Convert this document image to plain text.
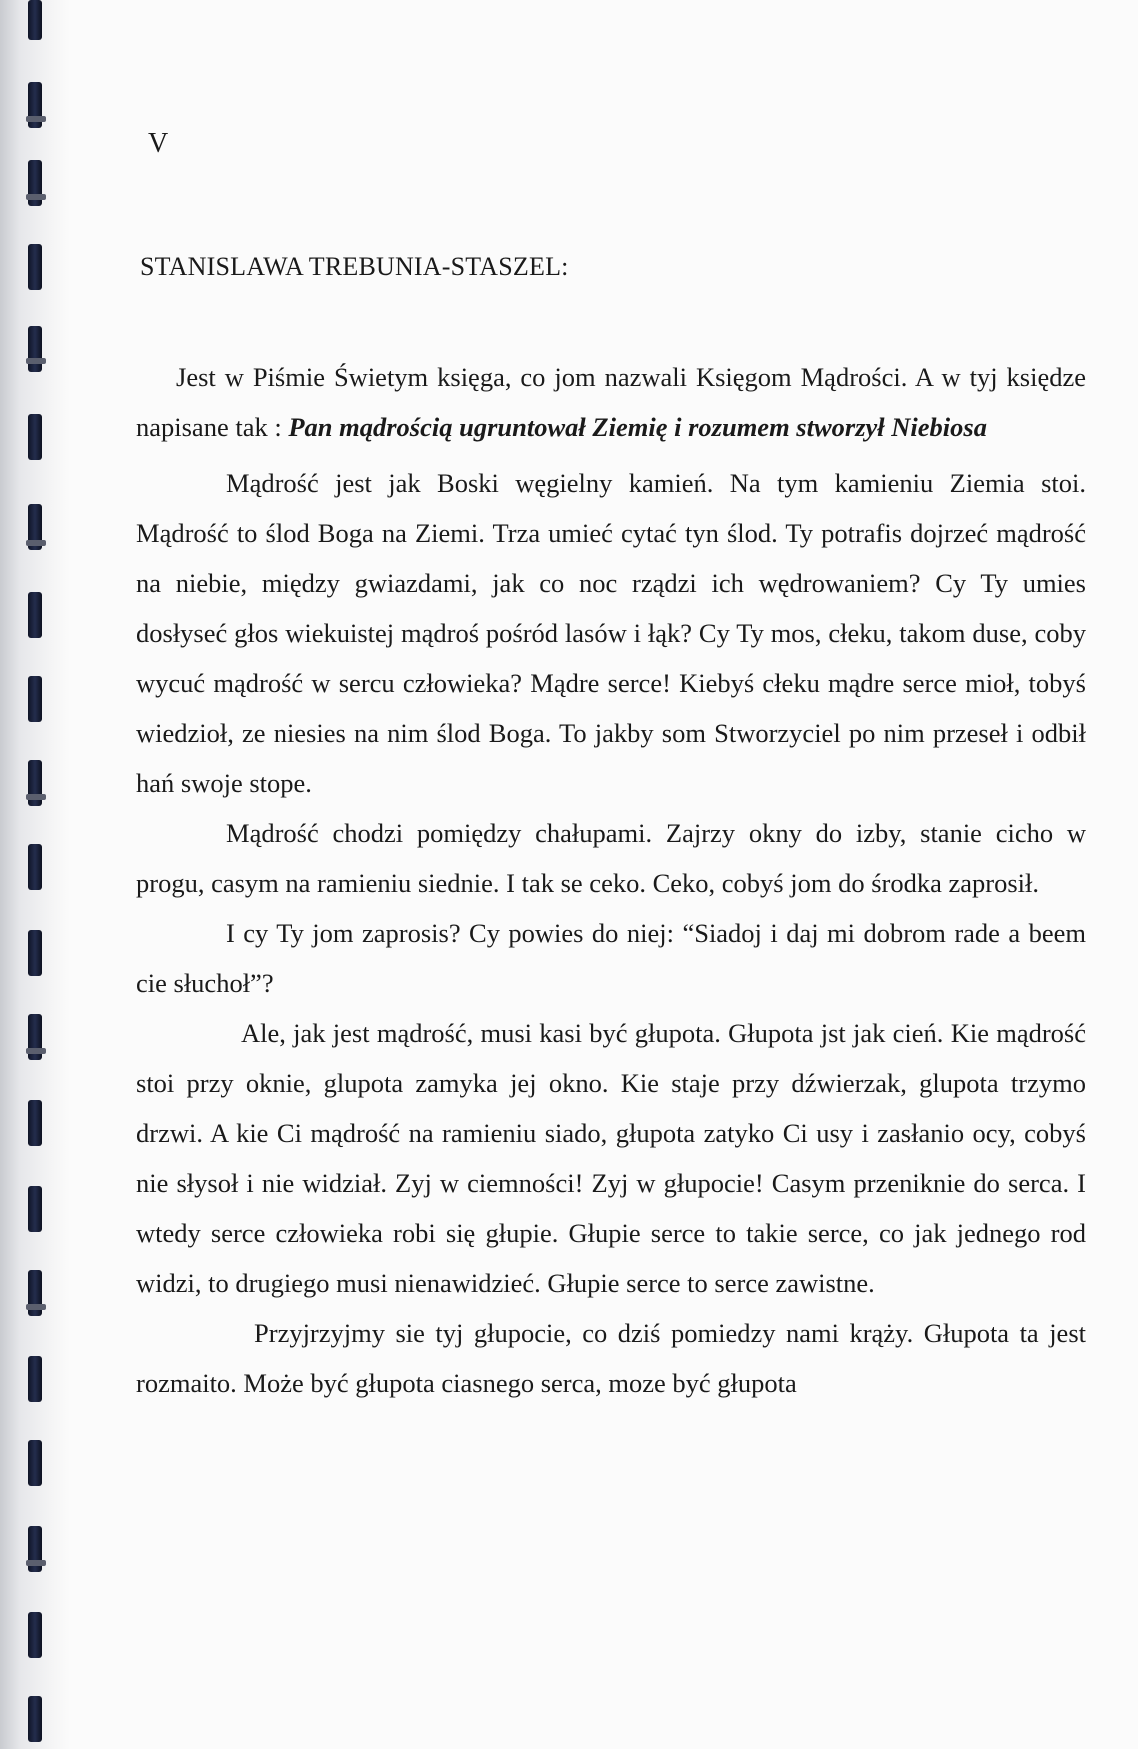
V
STANISLAWA TREBUNIA-STASZEL:

Jest w Piśmie Świetym księga, co jom nazwali Księgom Mądrości. A w tyj księdze napisane tak : Pan mądrością ugruntował Ziemię i rozumem stworzył Niebiosa

Mądrość jest jak Boski węgielny kamień. Na tym kamieniu Ziemia stoi. Mądrość to ślod Boga na Ziemi. Trza umieć cytać tyn ślod. Ty potrafis dojrzeć mądrość na niebie, między gwiazdami, jak co noc rządzi ich wędrowaniem? Cy Ty umies dosłyseć głos wiekuistej mądroś pośród lasów i łąk? Cy Ty mos, cłeku, takom duse, coby wycuć mądrość w sercu człowieka? Mądre serce! Kiebyś cłeku mądre serce mioł, tobyś wiedzioł, ze niesies na nim ślod Boga. To jakby som Stworzyciel po nim przeseł i odbił hań swoje stope.

Mądrość chodzi pomiędzy chałupami. Zajrzy okny do izby, stanie cicho w progu, casym na ramieniu siednie. I tak se ceko. Ceko, cobyś jom do środka zaprosił.

I cy Ty jom zaprosis? Cy powies do niej: “Siadoj i daj mi dobrom rade a beem cie słuchoł”?

Ale, jak jest mądrość, musi kasi być głupota. Głupota jst jak cień. Kie mądrość stoi przy oknie, glupota zamyka jej okno. Kie staje przy dźwierzak, glupota trzymo drzwi. A kie Ci mądrość na ramieniu siado, głupota zatyko Ci usy i zasłanio ocy, cobyś nie słysoł i nie widział. Zyj w ciemności! Zyj w głupocie! Casym przeniknie do serca. I wtedy serce człowieka robi się głupie. Głupie serce to takie serce, co jak jednego rod widzi, to drugiego musi nienawidzieć. Głupie serce to serce zawistne.

Przyjrzyjmy sie tyj głupocie, co dziś pomiedzy nami krąży. Głupota ta jest rozmaito. Może być głupota ciasnego serca, moze być głupota
